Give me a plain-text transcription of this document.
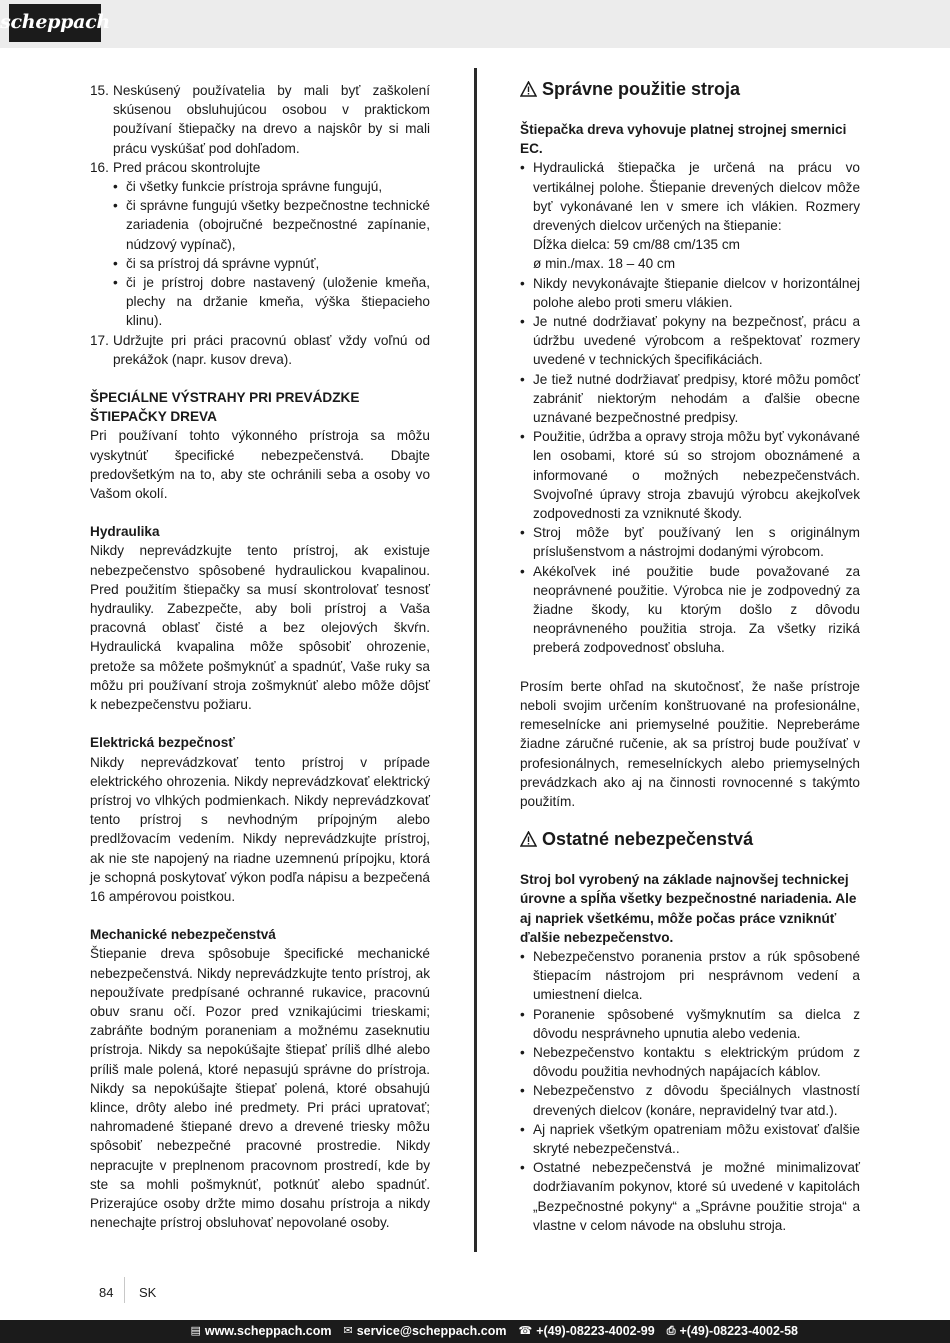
scheppach
15. Neskúsený používatelia by mali byť zaškolení skúsenou obsluhujúcou osobou v praktickom používaní štiepačky na drevo a najskôr by si mali prácu vyskúšať pod dohľadom.
16. Pred prácou skontrolujte
• či všetky funkcie prístroja správne fungujú,
• či správne fungujú všetky bezpečnostne technické zariadenia (obojručné bezpečnostné zapínanie, núdzový vypínač),
• či sa prístroj dá správne vypnúť,
• či je prístroj dobre nastavený (uloženie kmeňa, plechy na držanie kmeňa, výška štiepacieho klinu).
17. Udržujte pri práci pracovnú oblasť vždy voľnú od prekážok (napr. kusov dreva).
ŠPECIÁLNE VÝSTRAHY PRI PREVÁDZKE ŠTIEPAČKY DREVA

Pri používaní tohto výkonného prístroja sa môžu vyskytnúť špecifické nebezpečenstvá. Dbajte predovšetkým na to, aby ste ochránili seba a osoby vo Vašom okolí.

Hydraulika

Nikdy neprevádzkujte tento prístroj, ak existuje nebezpečenstvo spôsobené hydraulickou kvapalinou. Pred použitím štiepačky sa musí skontrolovať tesnosť hydrauliky. Zabezpečte, aby boli prístroj a Vaša pracovná oblasť čisté a bez olejových škvŕn. Hydraulická kvapalina môže spôsobiť ohrozenie, pretože sa môžete pošmyknúť a spadnúť, Vaše ruky sa môžu pri používaní stroja zošmyknúť alebo môže dôjsť k nebezpečenstvu požiaru.

Elektrická bezpečnosť

Nikdy neprevádzkovať tento prístroj v prípade elektrického ohrozenia. Nikdy neprevádzkovať elektrický prístroj vo vlhkých podmienkach. Nikdy neprevádzkovať tento prístroj s nevhodným prípojným alebo predlžovacím vedením. Nikdy neprevádzkujte prístroj, ak nie ste napojený na riadne uzemnenú prípojku, ktorá je schopná poskytovať výkon podľa nápisu a bezpečená 16 ampérovou poistkou.

Mechanické nebezpečenstvá

Štiepanie dreva spôsobuje špecifické mechanické nebezpečenstvá. Nikdy neprevádzkujte tento prístroj, ak nepoužívate predpísané ochranné rukavice, pracovnú obuv sranu očí. Pozor pred vznikajúcimi trieskami; zabráňte bodným poraneniam a možnému zaseknutiu prístroja. Nikdy sa nepokúšajte štiepať príliš dlhé alebo príliš male polená, ktoré nepasujú správne do prístroja. Nikdy sa nepokúšajte štiepať polená, ktoré obsahujú klince, drôty alebo iné predmety. Pri práci upratovať; nahromadené štiepané drevo a drevené triesky môžu spôsobiť nebezpečné pracovné prostredie. Nikdy nepracujte v preplnenom pracovnom prostredí, kde by ste sa mohli pošmyknúť, potknúť alebo spadnúť. Prizerajúce osoby držte mimo dosahu prístroja a nikdy nenechajte prístroj obsluhovať nepovolané osoby.

Správne použitie stroja
Štiepačka dreva vyhovuje platnej strojnej smernici EC.
• Hydraulická štiepačka je určená na prácu vo vertikálnej polohe. Štiepanie drevených dielcov môže byť vykonávané len v smere ich vlákien. Rozmery drevených dielcov určených na štiepanie:
Dĺžka dielca: 59 cm/88 cm/135 cm
ø min./max. 18 – 40 cm
• Nikdy nevykonávajte štiepanie dielcov v horizontálnej polohe alebo proti smeru vlákien.
• Je nutné dodržiavať pokyny na bezpečnosť, prácu a údržbu uvedené výrobcom a rešpektovať rozmery uvedené v technických špecifikáciách.
• Je tiež nutné dodržiavať predpisy, ktoré môžu pomôcť zabrániť niektorým nehodám a ďalšie obecne uznávané bezpečnostné predpisy.
• Použitie, údržba a opravy stroja môžu byť vykonávané len osobami, ktoré sú so strojom oboznámené a informované o možných nebezpečenstvách. Svojvoľné úpravy stroja zbavujú výrobcu akejkoľvek zodpovednosti za vzniknuté škody.
• Stroj môže byť používaný len s originálnym príslušenstvom a nástrojmi dodanými výrobcom.
• Akékoľvek iné použitie bude považované za neoprávnené použitie. Výrobca nie je zodpovedný za žiadne škody, ku ktorým došlo z dôvodu neoprávneného použitia stroja. Za všetky riziká preberá zodpovednosť obsluha.

Prosím berte ohľad na skutočnosť, že naše prístroje neboli svojim určením konštruované na profesionálne, remeselnícke ani priemyselné použitie. Nepreberáme žiadne záručné ručenie, ak sa prístroj bude používať v profesionálnych, remeselníckych alebo priemyselných prevádzkach ako aj na činnosti rovnocenné s takýmto použitím.

Ostatné nebezpečenstvá
Stroj bol vyrobený na základe najnovšej technickej úrovne a spĺňa všetky bezpečnostné nariadenia. Ale aj napriek všetkému, môže počas práce vzniknúť ďalšie nebezpečenstvo.
• Nebezpečenstvo poranenia prstov a rúk spôsobené štiepacím nástrojom pri nesprávnom vedení a umiestnení dielca.
• Poranenie spôsobené vyšmyknutím sa dielca z dôvodu nesprávneho upnutia alebo vedenia.
• Nebezpečenstvo kontaktu s elektrickým prúdom z dôvodu použitia nevhodných napájacích káblov.
• Nebezpečenstvo z dôvodu špeciálnych vlastností drevených dielcov (konáre, nepravidelný tvar atd.).
• Aj napriek všetkým opatreniam môžu existovať ďalšie skryté nebezpečenstvá..
• Ostatné nebezpečenstvá je možné minimalizovať dodržiavaním pokynov, ktoré sú uvedené v kapitolách „Bezpečnostné pokyny“ a „Správne použitie stroja“ a vlastne v celom návode na obsluhu stroja.
84 SK
▤ www.scheppach.com ✉ service@scheppach.com ☎ +(49)-08223-4002-99 ⎙ +(49)-08223-4002-58
